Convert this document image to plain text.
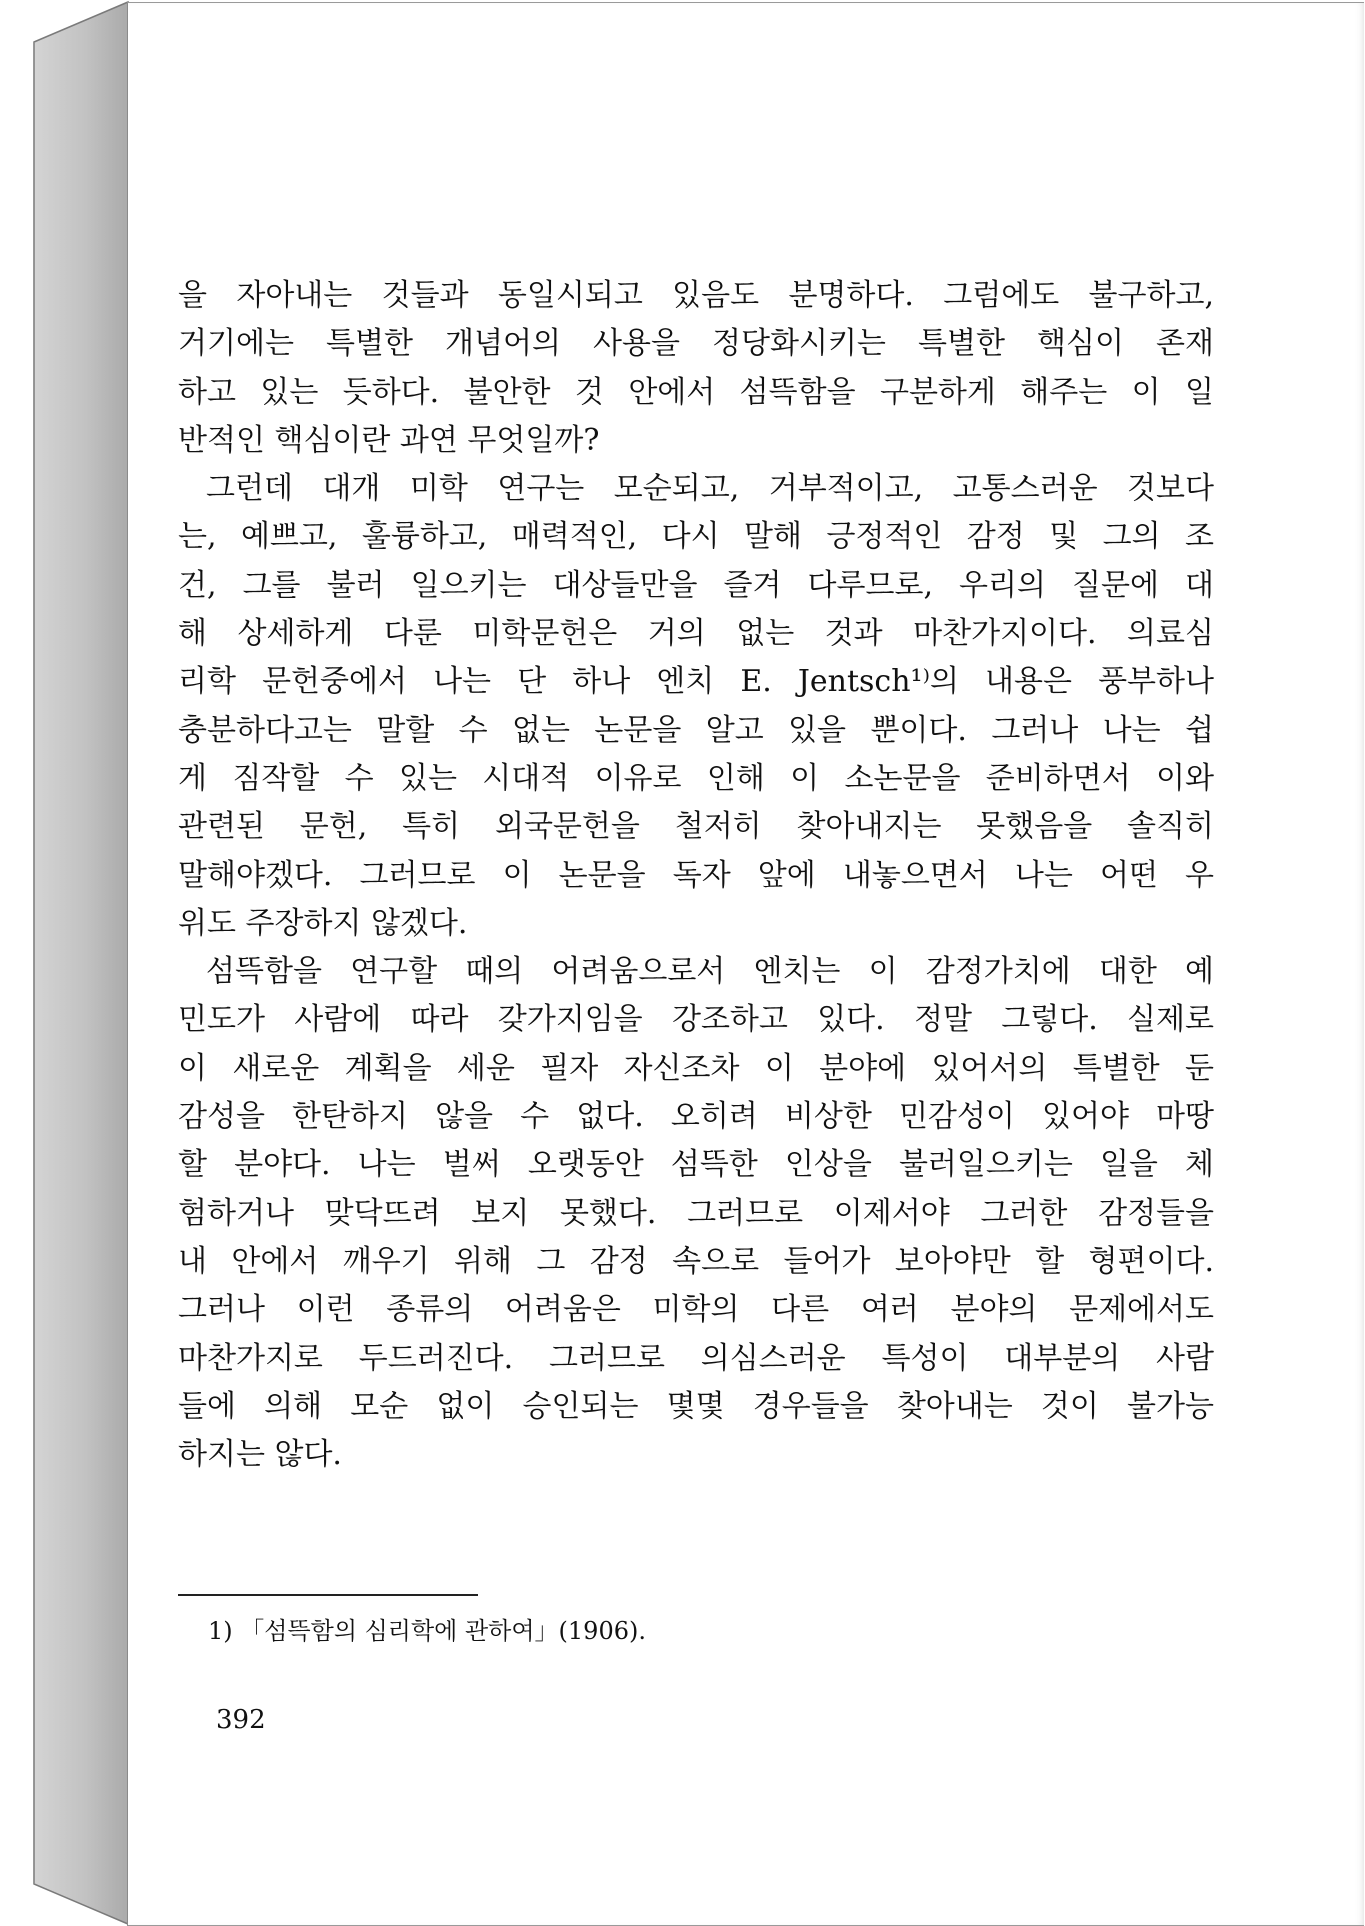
을 자아내는 것들과 동일시되고 있음도 분명하다. 그럼에도 불구하고,
거기에는 특별한 개념어의 사용을 정당화시키는 특별한 핵심이 존재
하고 있는 듯하다. 불안한 것 안에서 섬뜩함을 구분하게 해주는 이 일
반적인 핵심이란 과연 무엇일까?
그런데 대개 미학 연구는 모순되고, 거부적이고, 고통스러운 것보다
는, 예쁘고, 훌륭하고, 매력적인, 다시 말해 긍정적인 감정 및 그의 조
건, 그를 불러 일으키는 대상들만을 즐겨 다루므로, 우리의 질문에 대
해 상세하게 다룬 미학문헌은 거의 없는 것과 마찬가지이다. 의료심
리학 문헌중에서 나는 단 하나 엔치 E. Jentsch¹⁾의 내용은 풍부하나
충분하다고는 말할 수 없는 논문을 알고 있을 뿐이다. 그러나 나는 쉽
게 짐작할 수 있는 시대적 이유로 인해 이 소논문을 준비하면서 이와
관련된 문헌, 특히 외국문헌을 철저히 찾아내지는 못했음을 솔직히
말해야겠다. 그러므로 이 논문을 독자 앞에 내놓으면서 나는 어떤 우
위도 주장하지 않겠다.
섬뜩함을 연구할 때의 어려움으로서 엔치는 이 감정가치에 대한 예
민도가 사람에 따라 갖가지임을 강조하고 있다. 정말 그렇다. 실제로
이 새로운 계획을 세운 필자 자신조차 이 분야에 있어서의 특별한 둔
감성을 한탄하지 않을 수 없다. 오히려 비상한 민감성이 있어야 마땅
할 분야다. 나는 벌써 오랫동안 섬뜩한 인상을 불러일으키는 일을 체
험하거나 맞닥뜨려 보지 못했다. 그러므로 이제서야 그러한 감정들을
내 안에서 깨우기 위해 그 감정 속으로 들어가 보아야만 할 형편이다.
그러나 이런 종류의 어려움은 미학의 다른 여러 분야의 문제에서도
마찬가지로 두드러진다. 그러므로 의심스러운 특성이 대부분의 사람
들에 의해 모순 없이 승인되는 몇몇 경우들을 찾아내는 것이 불가능
하지는 않다.
1) 「섬뜩함의 심리학에 관하여」(1906).
392
